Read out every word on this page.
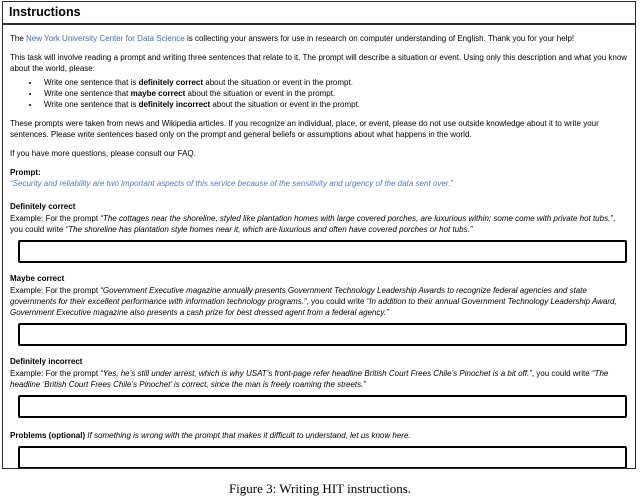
Instructions

The New York University Center for Data Science is collecting your answers for use in research on computer understanding of English. Thank you for your help!

This task will involve reading a prompt and writing three sentences that relate to it. The prompt will describe a situation or event. Using only this description and what you know about the world, please:

• Write one sentence that is definitely correct about the situation or event in the prompt.
• Write one sentence that maybe correct about the situation or event in the prompt.
• Write one sentence that is definitely incorrect about the situation or event in the prompt.

These prompts were taken from news and Wikipedia articles. If you recognize an individual, place, or event, please do not use outside knowledge about it to write your sentences. Please write sentences based only on the prompt and general beliefs or assumptions about what happens in the world.

If you have more questions, please consult our FAQ.

Prompt:
“Security and reliability are two important aspects of this service because of the sensitivity and urgency of the data sent over.”

Definitely correct

Example: For the prompt “The cottages near the shoreline, styled like plantation homes with large covered porches, are luxurious within; some come with private hot tubs.”, you could write “The shoreline has plantation style homes near it, which are luxurious and often have covered porches or hot tubs.”

Maybe correct

Example: For the prompt “Government Executive magazine annually presents Government Technology Leadership Awards to recognize federal agencies and state governments for their excellent performance with information technology programs.”, you could write “In addition to their annual Government Technology Leadership Award, Government Executive magazine also presents a cash prize for best dressed agent from a federal agency.”

Definitely incorrect

Example: For the prompt “Yes, he’s still under arrest, which is why USAT’s front-page refer headline British Court Frees Chile’s Pinochet is a bit off.”, you could write “The headline ‘British Court Frees Chile’s Pinochet’ is correct, since the man is freely roaming the streets.”

Problems (optional) If something is wrong with the prompt that makes it difficult to understand, let us know here.

Figure 3: Writing HIT instructions.
